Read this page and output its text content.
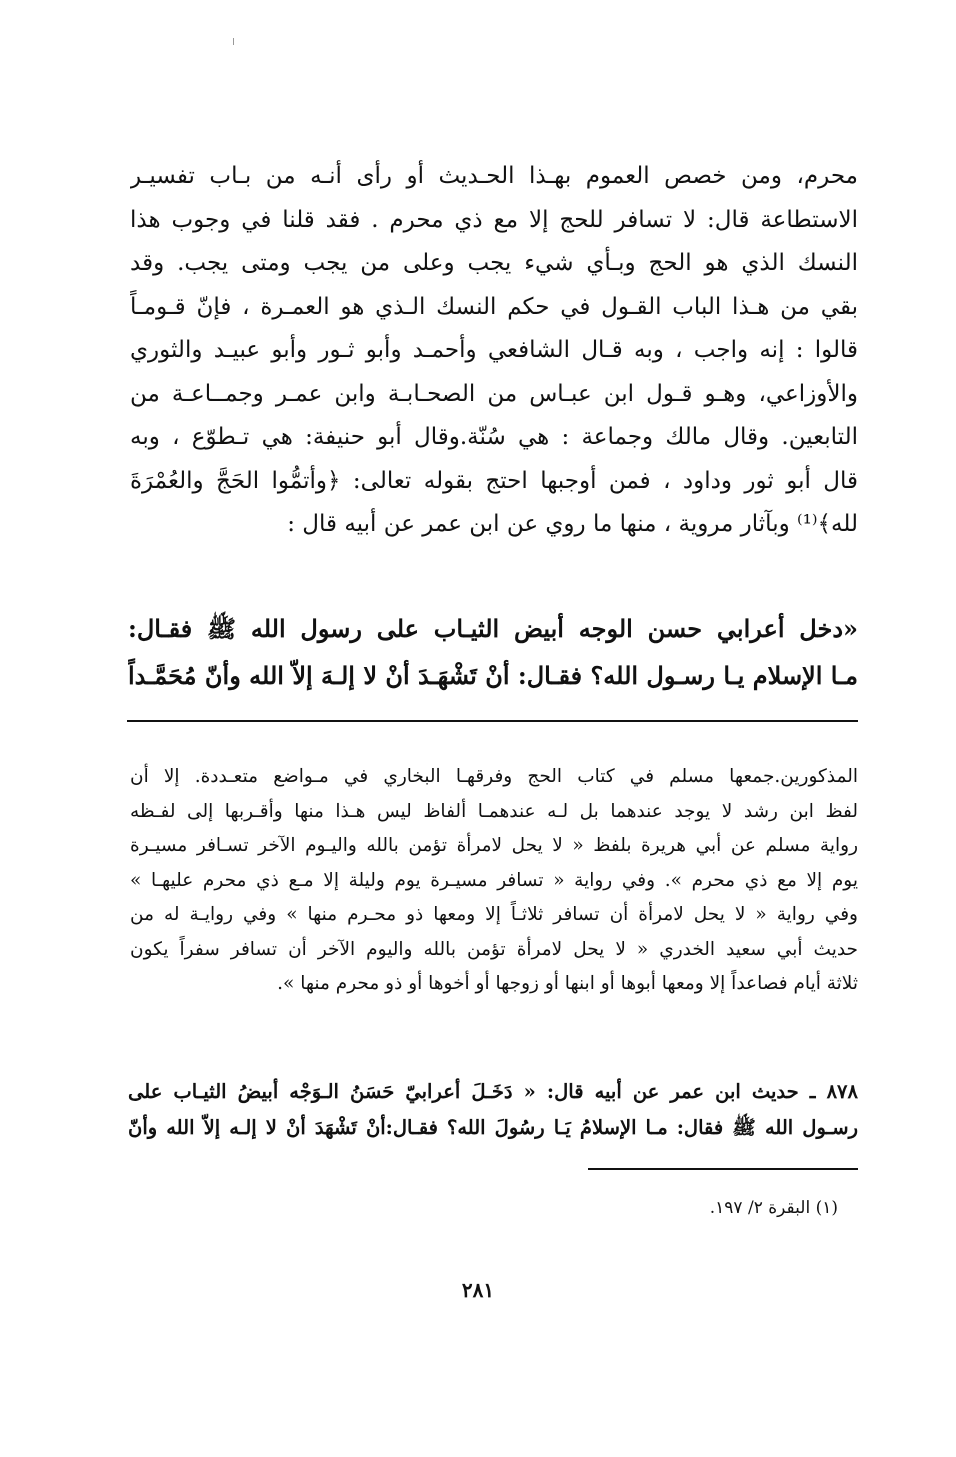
محرم، ومن خصص العموم بهـذا الحـديث أو رأى أنـه من بـاب تفسيـر
الاستطاعة قال: لا تسافر للحج إلا مع ذي محرم . فقد قلنا في وجوب هذا
النسك الذي هو الحج وبـأي شيء يجب وعلى من يجب ومتى يجب. وقد
بقي من هـذا الباب القـول في حكم النسك الـذي هو العمـرة ، فإنّ قـومـاً
قالوا : إنه واجب ، وبه قـال الشافعي وأحمـد وأبو ثـور وأبو عبيـد والثوري
والأوزاعي، وهـو قـول ابن عبـاس من الصحـابـة وابن عمـر وجمــاعـة من
التابعين. وقال مالك وجماعة : هي سُنّة.وقال أبو حنيفة: هي تـطوّع ، وبه
قال أبو ثور وداود ، فمن أوجبها احتج بقوله تعالى: ﴿وأتمُّوا الحَجَّ والعُمْرَةَ
لله﴾⁽¹⁾ وبآثار مروية ، منها ما روي عن ابن عمر عن أبيه قال :
«دخل أعرابي حسن الوجه أبيض الثيـاب على رسول الله ﷺ فقـال:
مـا الإسلام يـا رسـول الله؟ فقـال: أنْ تَشْهَـدَ أنْ لا إلـهَ إلاّ الله وأنّ مُحَمَّـداً
المذكورين.جمعها مسلم في كتاب الحج وفرقهـا البخاري في مـواضع متعـددة. إلا أن
لفظ ابن رشد لا يوجد عندهما بل لـه عندهمـا ألفاظ ليس هـذا منها وأقـربها إلى لفـظه
رواية مسلم عن أبي هريرة بلفظ « لا يحل لامرأة تؤمن بالله واليـوم الآخر تسـافر مسيـرة
يوم إلا مع ذي محرم ». وفي رواية « تسافر مسيـرة يوم وليلة إلا مـع ذي محرم عليهـا »
وفي رواية « لا يحل لامرأة أن تسافر ثلاثـاً إلا ومعها ذو محـرم منها » وفي روايـة له من
حديث أبي سعيد الخدري « لا يحل لامرأة تؤمن بالله واليوم الآخر أن تسافر سفراً يكون
ثلاثة أيام فصاعداً إلا ومعها أبوها أو ابنها أو زوجها أو أخوها أو ذو محرم منها ».
٨٧٨ ـ حديث ابن عمر عن أبيه قال: « دَخَـلَ أعرابيّ حَسَنُ الـوَجْه أبيضُ الثيـاب على
رسـول الله ﷺ فقال: مـا الإسلامُ يَـا رسُولَ الله؟ فقـال:أنْ تَشْهَدَ أنْ لا إلـه إلاّ الله وأنّ
(١) البقرة ٢/ ١٩٧.
٢٨١
